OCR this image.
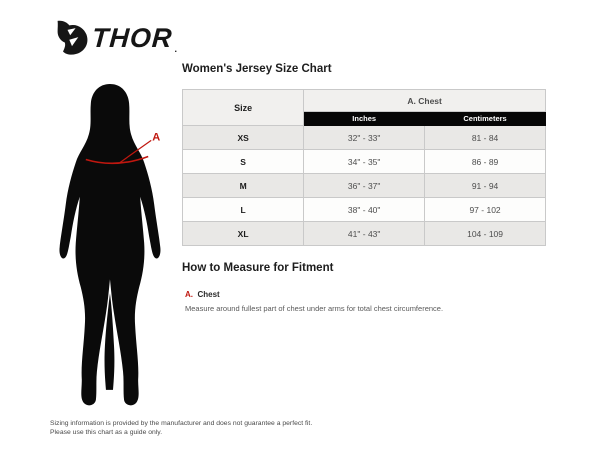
THOR .
A
Women's Jersey Size Chart
Size	A. Chest	
	Inches	Centimeters
XS	32" - 33"	81 - 84
S	34" - 35"	86 - 89
M	36" - 37"	91 - 94
L	38" - 40"	97 - 102
XL	41" - 43"	104 - 109
How to Measure for Fitment
A. Chest
Measure around fullest part of chest under arms for total chest circumference.
Sizing information is provided by the manufacturer and does not guarantee a perfect fit.
Please use this chart as a guide only.
